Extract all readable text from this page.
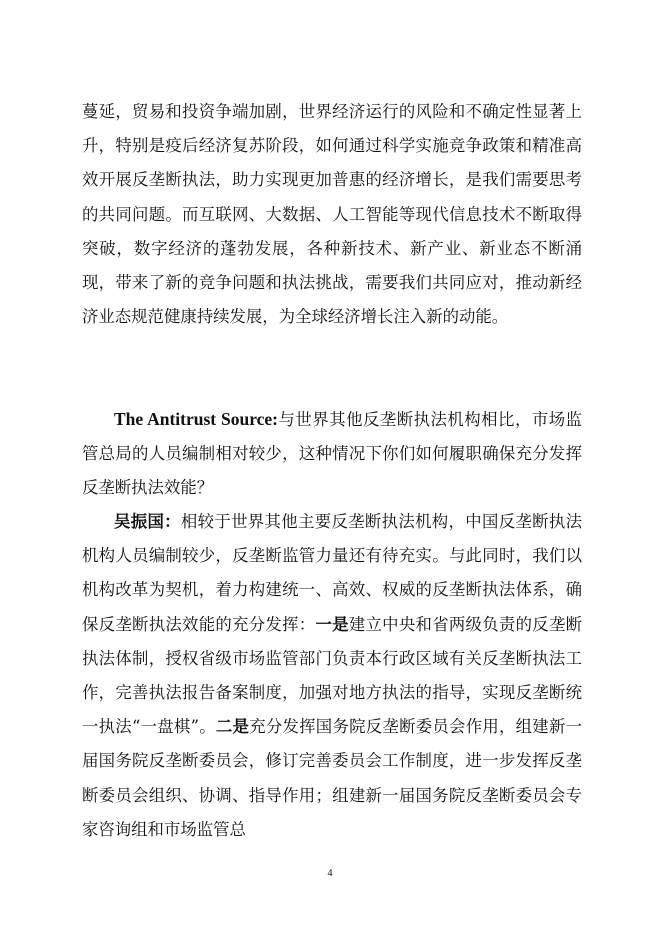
蔓延，贸易和投资争端加剧，世界经济运行的风险和不确定性显著上升，特别是疫后经济复苏阶段，如何通过科学实施竞争政策和精准高效开展反垄断执法，助力实现更加普惠的经济增长，是我们需要思考的共同问题。而互联网、大数据、人工智能等现代信息技术不断取得突破，数字经济的蓬勃发展，各种新技术、新产业、新业态不断涌现，带来了新的竞争问题和执法挑战，需要我们共同应对，推动新经济业态规范健康持续发展，为全球经济增长注入新的动能。

The Antitrust Source:与世界其他反垄断执法机构相比，市场监管总局的人员编制相对较少，这种情况下你们如何履职确保充分发挥反垄断执法效能？

吴振国：相较于世界其他主要反垄断执法机构，中国反垄断执法机构人员编制较少，反垄断监管力量还有待充实。与此同时，我们以机构改革为契机，着力构建统一、高效、权威的反垄断执法体系，确保反垄断执法效能的充分发挥：一是建立中央和省两级负责的反垄断执法体制，授权省级市场监管部门负责本行政区域有关反垄断执法工作，完善执法报告备案制度，加强对地方执法的指导，实现反垄断统一执法“一盘棋”。二是充分发挥国务院反垄断委员会作用，组建新一届国务院反垄断委员会，修订完善委员会工作制度，进一步发挥反垄断委员会组织、协调、指导作用；组建新一届国务院反垄断委员会专家咨询组和市场监管总

4
